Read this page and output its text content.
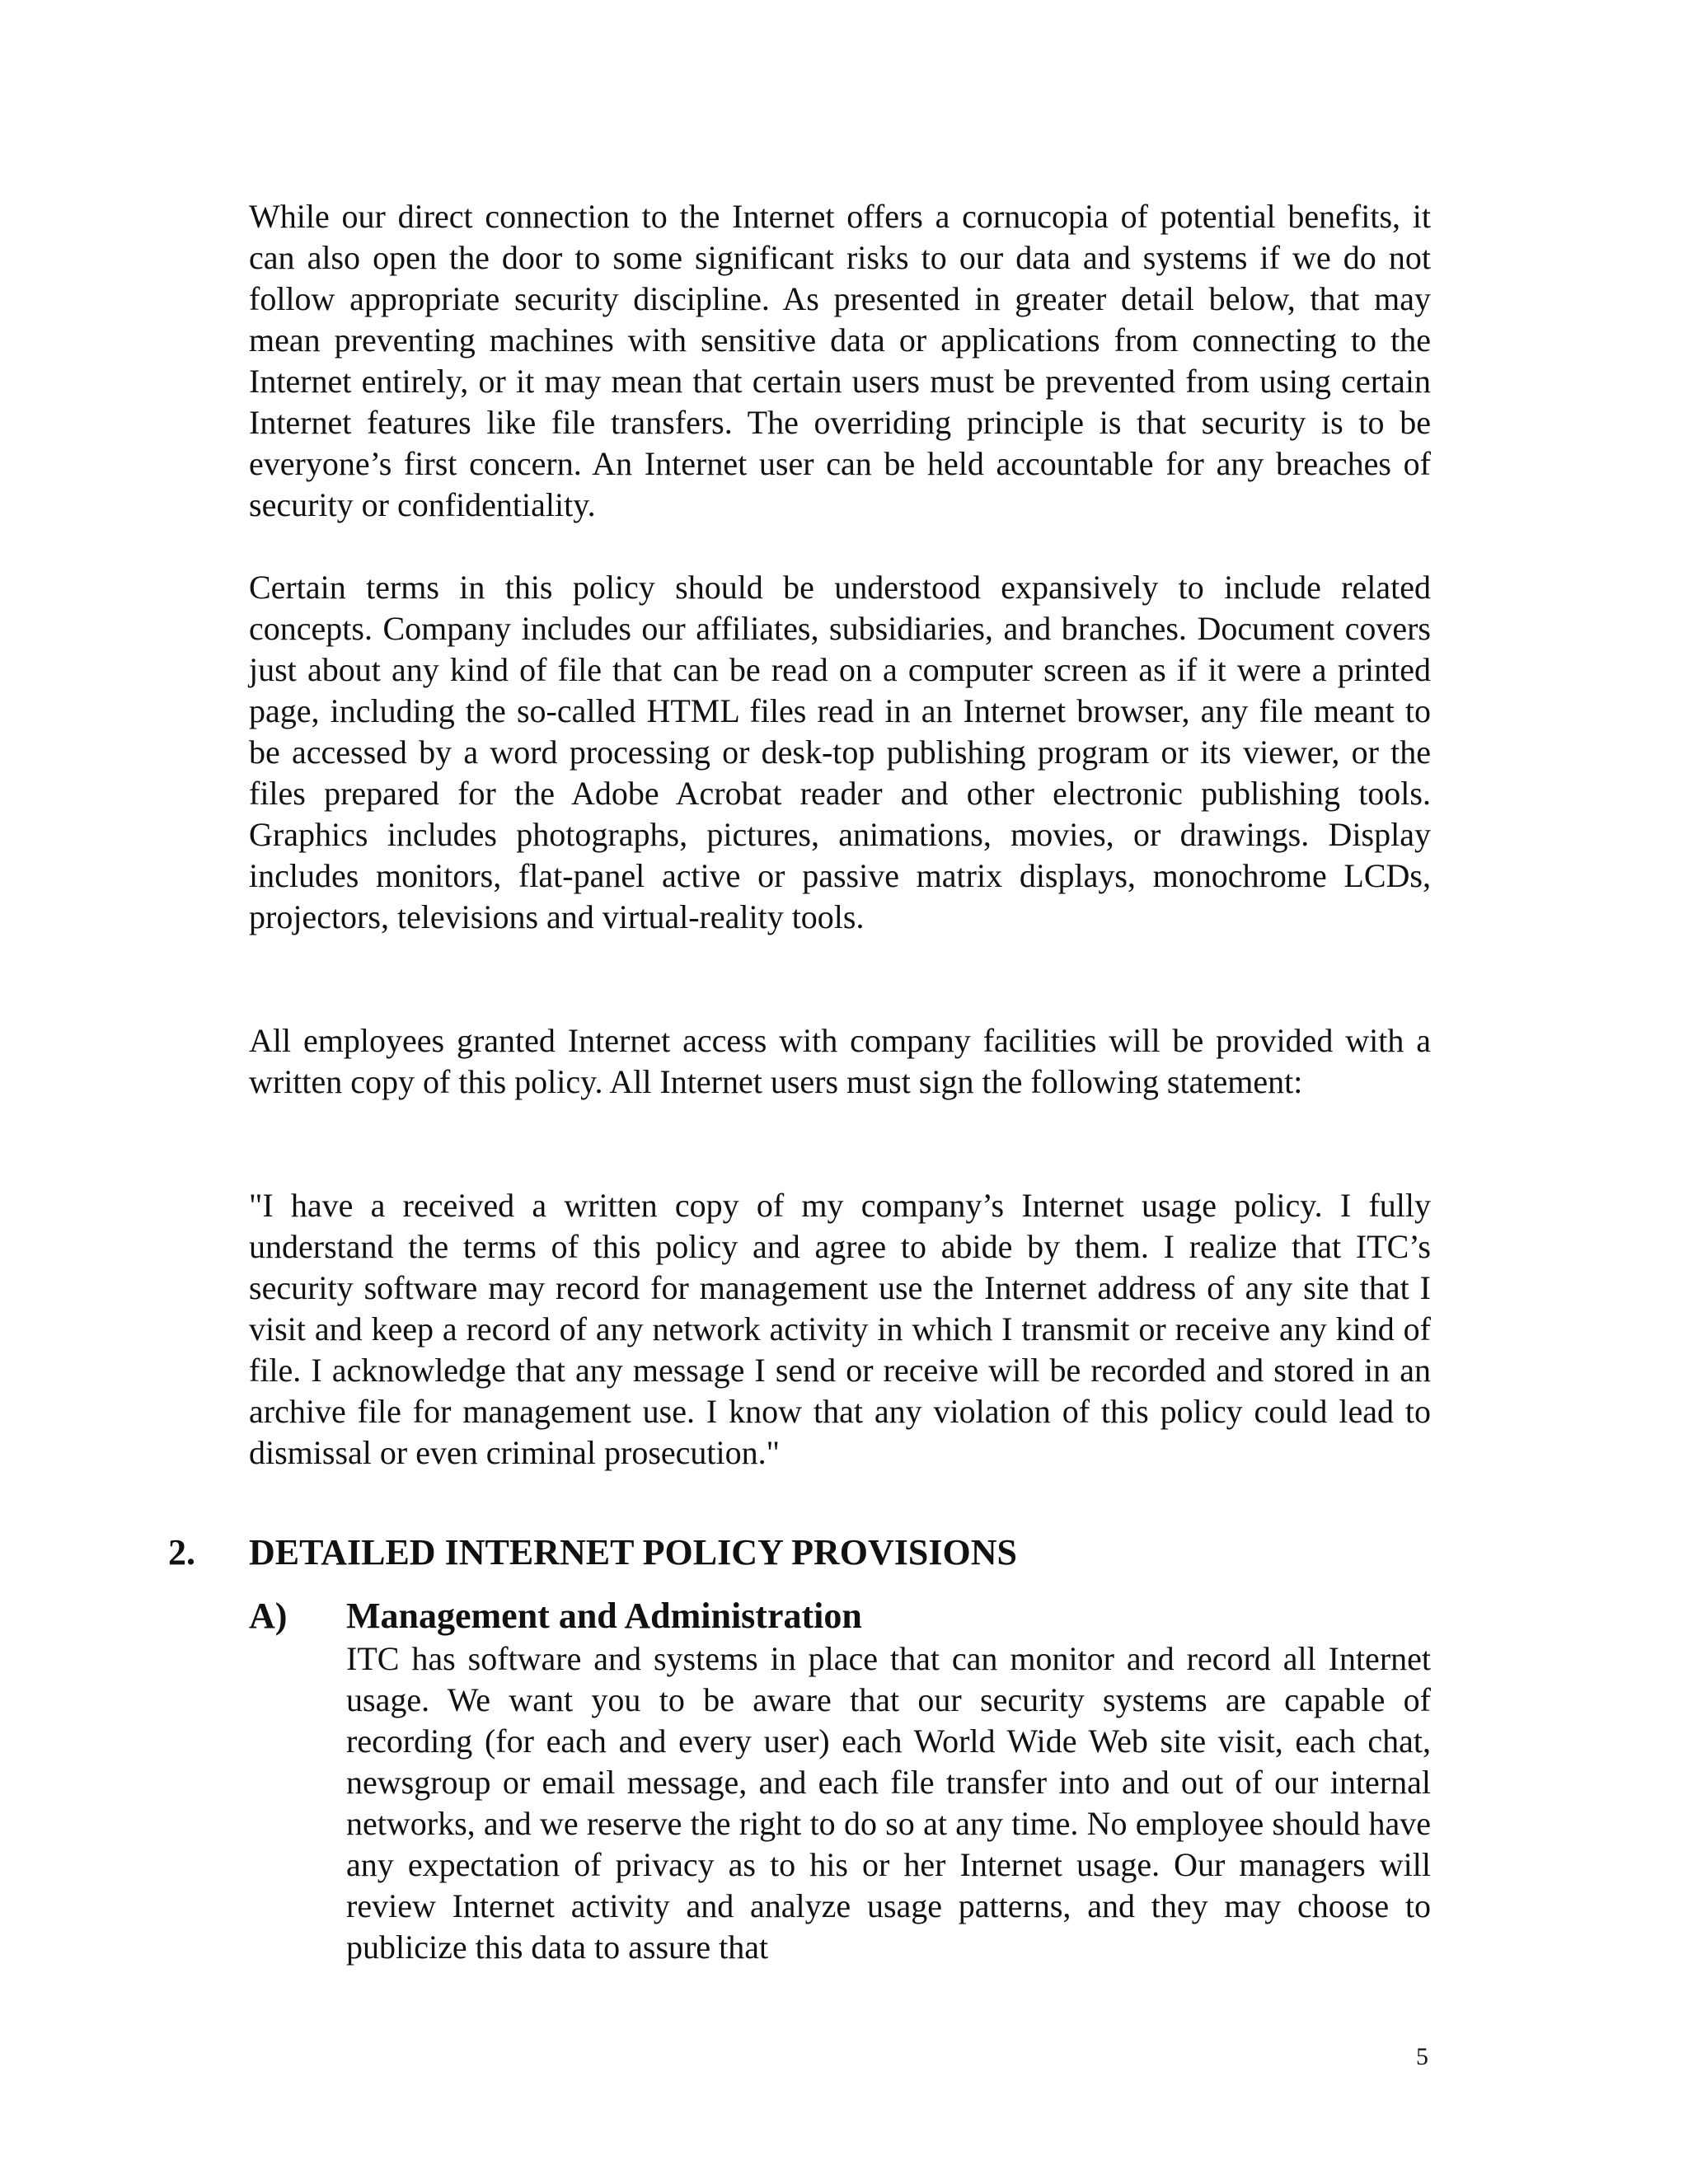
While our direct connection to the Internet offers a cornucopia of potential benefits, it can also open the door to some significant risks to our data and systems if we do not follow appropriate security discipline. As presented in greater detail below, that may mean preventing machines with sensitive data or applications from connecting to the Internet entirely, or it may mean that certain users must be prevented from using certain Internet features like file transfers. The overriding principle is that security is to be everyone’s first concern. An Internet user can be held accountable for any breaches of security or confidentiality.

Certain terms in this policy should be understood expansively to include related concepts. Company includes our affiliates, subsidiaries, and branches. Document covers just about any kind of file that can be read on a computer screen as if it were a printed page, including the so-called HTML files read in an Internet browser, any file meant to be accessed by a word processing or desk-top publishing program or its viewer, or the files prepared for the Adobe Acrobat reader and other electronic publishing tools. Graphics includes photographs, pictures, animations, movies, or drawings. Display includes monitors, flat-panel active or passive matrix displays, monochrome LCDs, projectors, televisions and virtual-reality tools.

All employees granted Internet access with company facilities will be provided with a written copy of this policy. All Internet users must sign the following statement:

"I have a received a written copy of my company’s Internet usage policy. I fully understand the terms of this policy and agree to abide by them. I realize that ITC’s security software may record for management use the Internet address of any site that I visit and keep a record of any network activity in which I transmit or receive any kind of file. I acknowledge that any message I send or receive will be recorded and stored in an archive file for management use. I know that any violation of this policy could lead to dismissal or even criminal prosecution."

2. DETAILED INTERNET POLICY PROVISIONS
A) Management and Administration

ITC has software and systems in place that can monitor and record all Internet usage. We want you to be aware that our security systems are capable of recording (for each and every user) each World Wide Web site visit, each chat, newsgroup or email message, and each file transfer into and out of our internal networks, and we reserve the right to do so at any time. No employee should have any expectation of privacy as to his or her Internet usage. Our managers will review Internet activity and analyze usage patterns, and they may choose to publicize this data to assure that

5
